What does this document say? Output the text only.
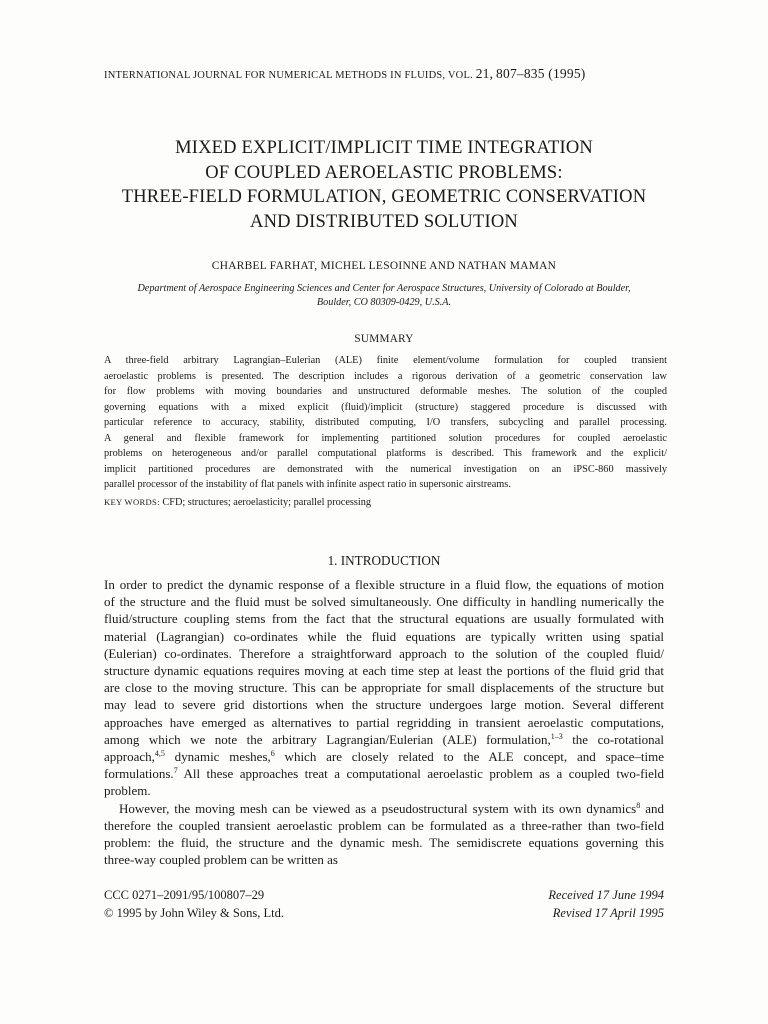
INTERNATIONAL JOURNAL FOR NUMERICAL METHODS IN FLUIDS, VOL. 21, 807–835 (1995)
MIXED EXPLICIT/IMPLICIT TIME INTEGRATION
OF COUPLED AEROELASTIC PROBLEMS:
THREE-FIELD FORMULATION, GEOMETRIC CONSERVATION
AND DISTRIBUTED SOLUTION
CHARBEL FARHAT, MICHEL LESOINNE AND NATHAN MAMAN
Department of Aerospace Engineering Sciences and Center for Aerospace Structures, University of Colorado at Boulder,
Boulder, CO 80309-0429, U.S.A.
SUMMARY
A three-field arbitrary Lagrangian–Eulerian (ALE) finite element/volume formulation for coupled transient
aeroelastic problems is presented. The description includes a rigorous derivation of a geometric conservation law
for flow problems with moving boundaries and unstructured deformable meshes. The solution of the coupled
governing equations with a mixed explicit (fluid)/implicit (structure) staggered procedure is discussed with
particular reference to accuracy, stability, distributed computing, I/O transfers, subcycling and parallel processing.
A general and flexible framework for implementing partitioned solution procedures for coupled aeroelastic
problems on heterogeneous and/or parallel computational platforms is described. This framework and the explicit/
implicit partitioned procedures are demonstrated with the numerical investigation on an iPSC-860 massively
parallel processor of the instability of flat panels with infinite aspect ratio in supersonic airstreams.
KEY WORDS: CFD; structures; aeroelasticity; parallel processing
1. INTRODUCTION
In order to predict the dynamic response of a flexible structure in a fluid flow, the equations of motion
of the structure and the fluid must be solved simultaneously. One difficulty in handling numerically the
fluid/structure coupling stems from the fact that the structural equations are usually formulated with
material (Lagrangian) co-ordinates while the fluid equations are typically written using spatial
(Eulerian) co-ordinates. Therefore a straightforward approach to the solution of the coupled fluid/
structure dynamic equations requires moving at each time step at least the portions of the fluid grid that
are close to the moving structure. This can be appropriate for small displacements of the structure but
may lead to severe grid distortions when the structure undergoes large motion. Several different
approaches have emerged as alternatives to partial regridding in transient aeroelastic computations,
among which we note the arbitrary Lagrangian/Eulerian (ALE) formulation,$^{1-3}$ the co-rotational
approach,$^{4,5}$ dynamic meshes,$^6$ which are closely related to the ALE concept, and space–time
formulations.$^7$ All these approaches treat a computational aeroelastic problem as a coupled two-field
problem.
However, the moving mesh can be viewed as a pseudostructural system with its own dynamics$^8$ and
therefore the coupled transient aeroelastic problem can be formulated as a three-rather than two-field
problem: the fluid, the structure and the dynamic mesh. The semidiscrete equations governing this
three-way coupled problem can be written as
CCC 0271–2091/95/100807–29
© 1995 by John Wiley & Sons, Ltd.
Received 17 June 1994
Revised 17 April 1995
